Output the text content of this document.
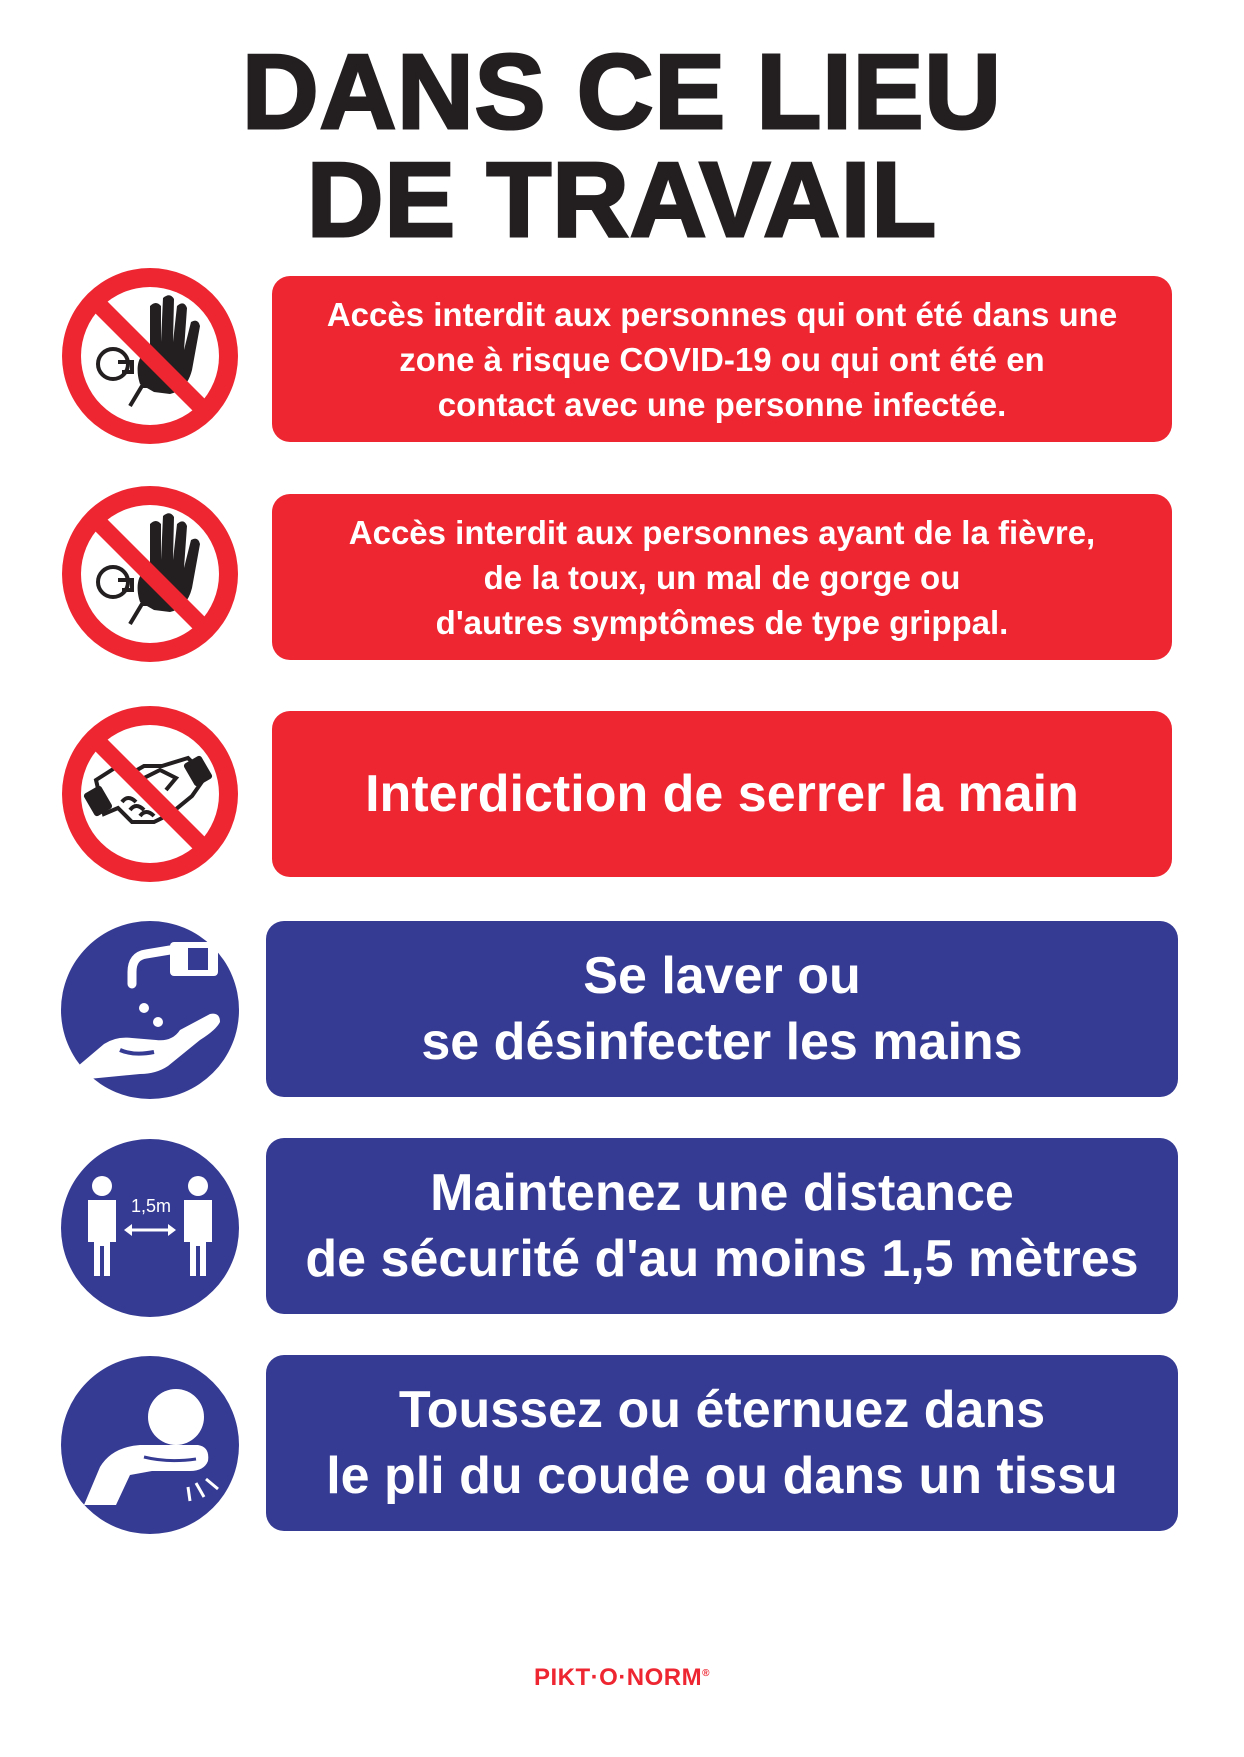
DANS CE LIEU
DE TRAVAIL
Accès interdit aux personnes qui ont été dans une
zone à risque COVID-19 ou qui ont été en
contact avec une personne infectée.
Accès interdit aux personnes ayant de la fièvre,
de la toux, un mal de gorge ou
d'autres symptômes de type grippal.
Interdiction de serrer la main
Se laver ou
se désinfecter les mains
1,5m	Maintenez une distance
de sécurité d'au moins 1,5 mètres
Toussez ou éternuez dans
le pli du coude ou dans un tissu
PIKT·O·NORM®
